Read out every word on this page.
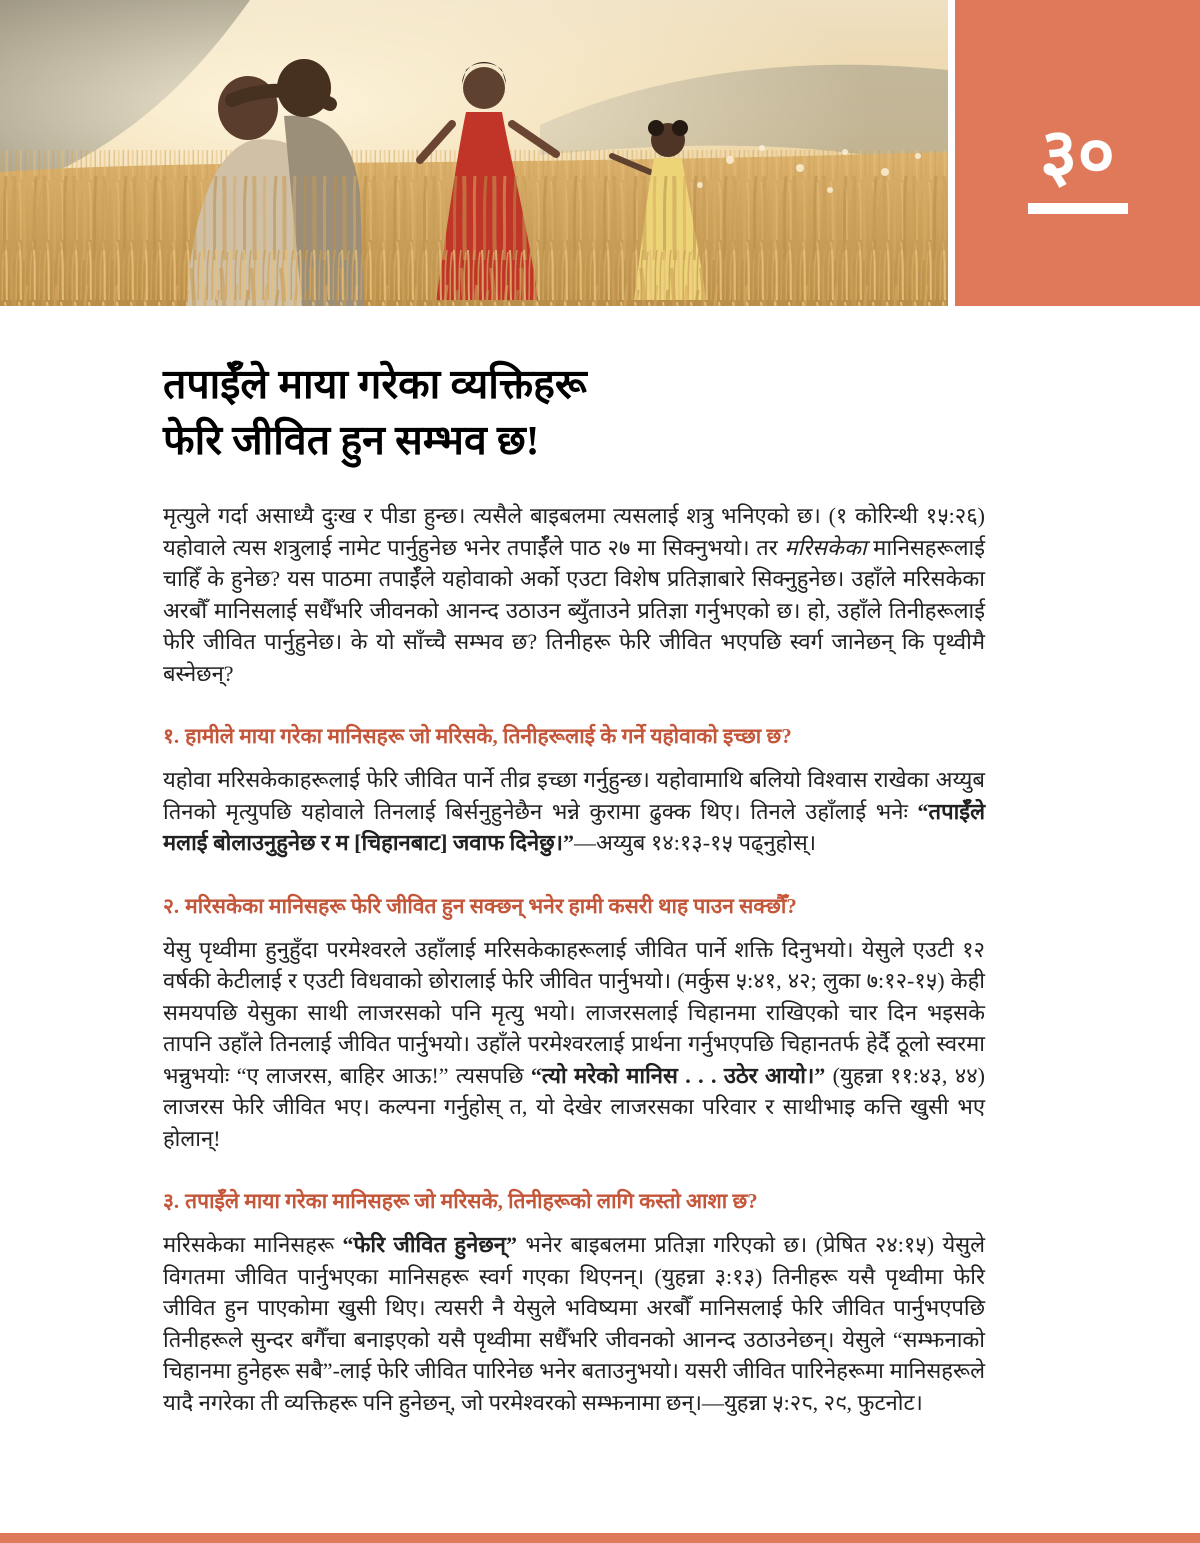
३०
तपाईँले माया गरेका व्यक्तिहरू
फेरि जीवित हुन सम्भव छ!

मृत्युले गर्दा असाध्यै दुःख र पीडा हुन्छ। त्यसैले बाइबलमा त्यसलाई शत्रु भनिएको छ। (१ कोरिन्थी १५:२६) यहोवाले त्यस शत्रुलाई नामेट पार्नुहुनेछ भनेर तपाईँले पाठ २७ मा सिक्नुभयो। तर मरिसकेका मानिसहरूलाई चाहिँ के हुनेछ? यस पाठमा तपाईँले यहोवाको अर्को एउटा विशेष प्रतिज्ञाबारे सिक्नुहुनेछ। उहाँले मरिसकेका अरबौँ मानिसलाई सधैँभरि जीवनको आनन्द उठाउन ब्युँताउने प्रतिज्ञा गर्नुभएको छ। हो, उहाँले तिनीहरूलाई फेरि जीवित पार्नुहुनेछ। के यो साँच्चै सम्भव छ? तिनीहरू फेरि जीवित भएपछि स्वर्ग जानेछन् कि पृथ्वीमै बस्नेछन्?

१. हामीले माया गरेका मानिसहरू जो मरिसके, तिनीहरूलाई के गर्ने यहोवाको इच्छा छ?

यहोवा मरिसकेकाहरूलाई फेरि जीवित पार्ने तीव्र इच्छा गर्नुहुन्छ। यहोवामाथि बलियो विश्वास राखेका अय्युब तिनको मृत्युपछि यहोवाले तिनलाई बिर्सनुहुनेछैन भन्ने कुरामा ढुक्क थिए। तिनले उहाँलाई भनेः “तपाईँले मलाई बोलाउनुहुनेछ र म [चिहानबाट] जवाफ दिनेछु।”—अय्युब १४:१३-१५ पढ्नुहोस्।

२. मरिसकेका मानिसहरू फेरि जीवित हुन सक्छन् भनेर हामी कसरी थाह पाउन सक्छौँ?

येसु पृथ्वीमा हुनुहुँदा परमेश्वरले उहाँलाई मरिसकेकाहरूलाई जीवित पार्ने शक्ति दिनुभयो। येसुले एउटी १२ वर्षकी केटीलाई र एउटी विधवाको छोरालाई फेरि जीवित पार्नुभयो। (मर्कुस ५:४१, ४२; लुका ७:१२-१५) केही समयपछि येसुका साथी लाजरसको पनि मृत्यु भयो। लाजरसलाई चिहानमा राखिएको चार दिन भइसके तापनि उहाँले तिनलाई जीवित पार्नुभयो। उहाँले परमेश्वरलाई प्रार्थना गर्नुभएपछि चिहानतर्फ हेर्दै ठूलो स्वरमा भन्नुभयोः “ए लाजरस, बाहिर आऊ!” त्यसपछि “त्यो मरेको मानिस . . . उठेर आयो।” (युहन्ना ११:४३, ४४) लाजरस फेरि जीवित भए। कल्पना गर्नुहोस् त, यो देखेर लाजरसका परिवार र साथीभाइ कत्ति खुसी भए होलान्!

३. तपाईँले माया गरेका मानिसहरू जो मरिसके, तिनीहरूको लागि कस्तो आशा छ?

मरिसकेका मानिसहरू “फेरि जीवित हुनेछन्” भनेर बाइबलमा प्रतिज्ञा गरिएको छ। (प्रेषित २४:१५) येसुले विगतमा जीवित पार्नुभएका मानिसहरू स्वर्ग गएका थिएनन्। (युहन्ना ३:१३) तिनीहरू यसै पृथ्वीमा फेरि जीवित हुन पाएकोमा खुसी थिए। त्यसरी नै येसुले भविष्यमा अरबौँ मानिसलाई फेरि जीवित पार्नुभएपछि तिनीहरूले सुन्दर बगैँचा बनाइएको यसै पृथ्वीमा सधैँभरि जीवनको आनन्द उठाउनेछन्। येसुले “सम्झनाको चिहानमा हुनेहरू सबै”-लाई फेरि जीवित पारिनेछ भनेर बताउनुभयो। यसरी जीवित पारिनेहरूमा मानिसहरूले यादै नगरेका ती व्यक्तिहरू पनि हुनेछन्, जो परमेश्वरको सम्झनामा छन्।—युहन्ना ५:२८, २९, फुटनोट।
